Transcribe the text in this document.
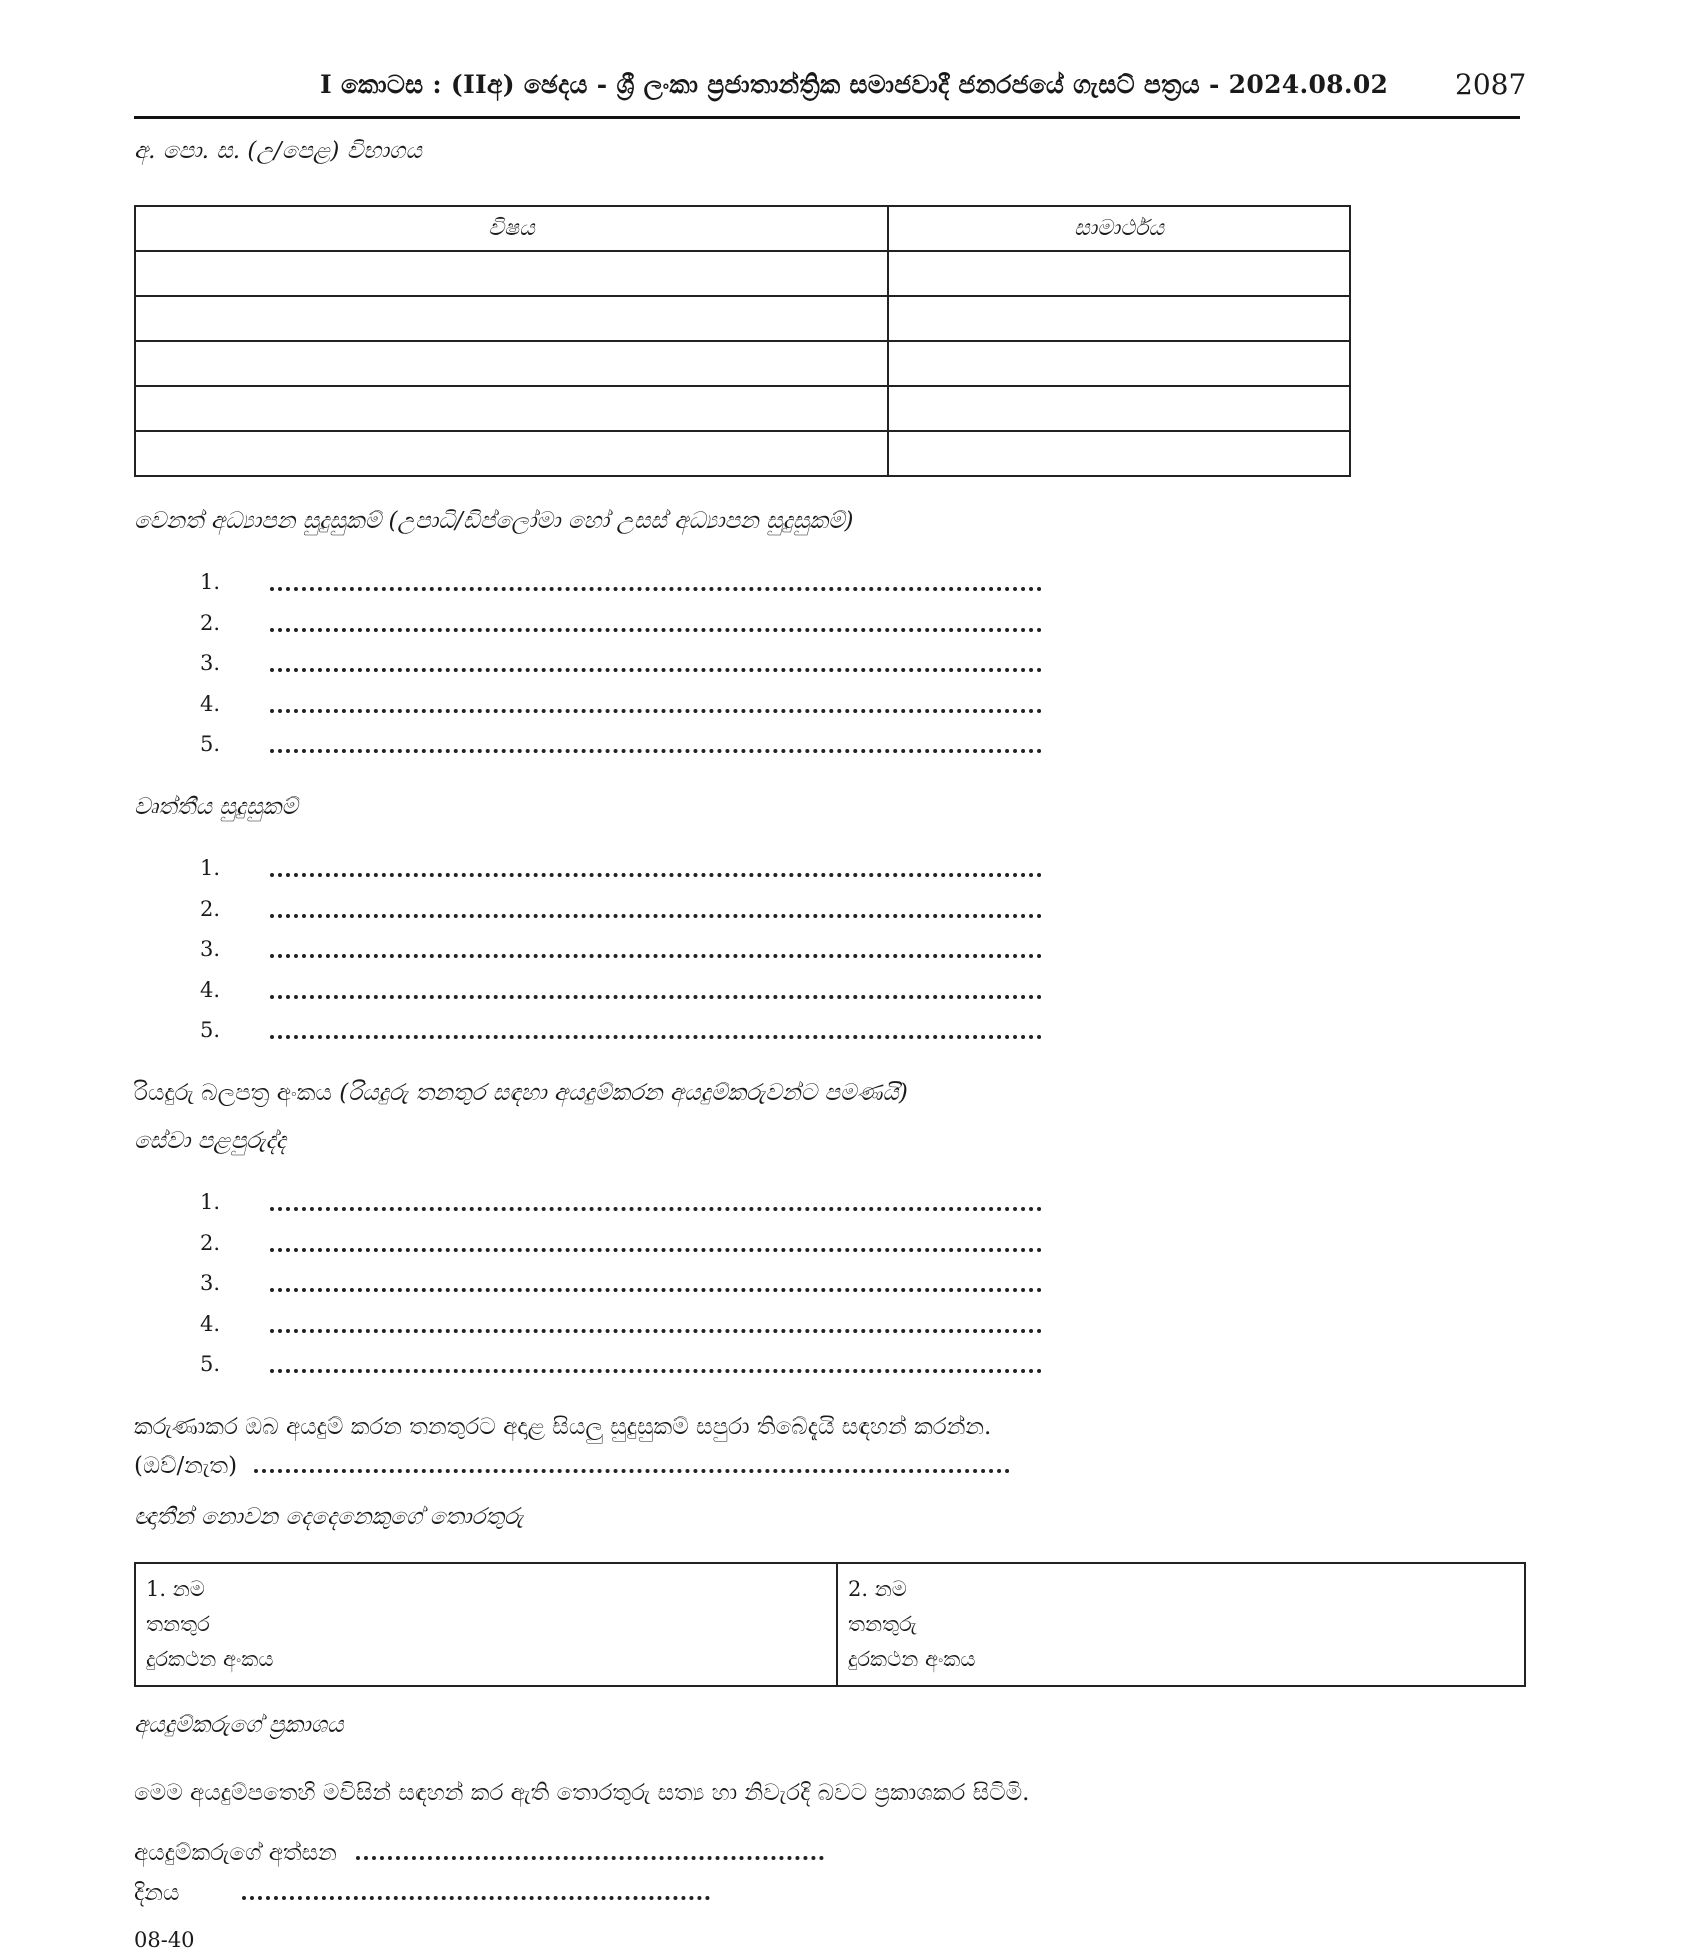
I කොටස : (IIඅ) ඡෙදය - ශ්‍රී ලංකා ප්‍රජාතාන්ත්‍රික සමාජවාදී ජනරජයේ ගැසට් පත්‍රය - 2024.08.02 2087
අ. පො. ස. (උ/පෙළ) විභාගය
විෂය	සාමාර්ථය

වෙනත් අධ්‍යාපන සුදුසුකම් (උපාධි/ඩිප්ලෝමා හෝ උසස් අධ්‍යාපන සුදුසුකම්)
1.
2.
3.
4.
5.
වෘත්තීය සුදුසුකම්
1.
2.
3.
4.
5.
රියදුරු බලපත්‍ර අංකය (රියදුරු තනතුර සඳහා අයදුම්කරන අයදුම්කරුවන්ට පමණයි)
සේවා පළපුරුද්ද
1.
2.
3.
4.
5.
කරුණාකර ඔබ අයදුම් කරන තනතුරට අදාළ සියලු සුදුසුකම් සපුරා තිබේදැයි සඳහන් කරන්න.
(ඔව්/නැත)
ඥාතීන් නොවන දෙදෙනෙකුගේ තොරතුරු
1. නම
තනතුර
දුරකථන අංකය

2. නම
තනතුරු
දුරකථන අංකය
අයදුම්කරුගේ ප්‍රකාශය
මෙම අයදුම්පතෙහි මවිසින් සඳහන් කර ඇති තොරතුරු සත්‍ය හා නිවැරදි බවට ප්‍රකාශකර සිටිමි.
අයදුම්කරුගේ අත්සන
දිනය
08-40
